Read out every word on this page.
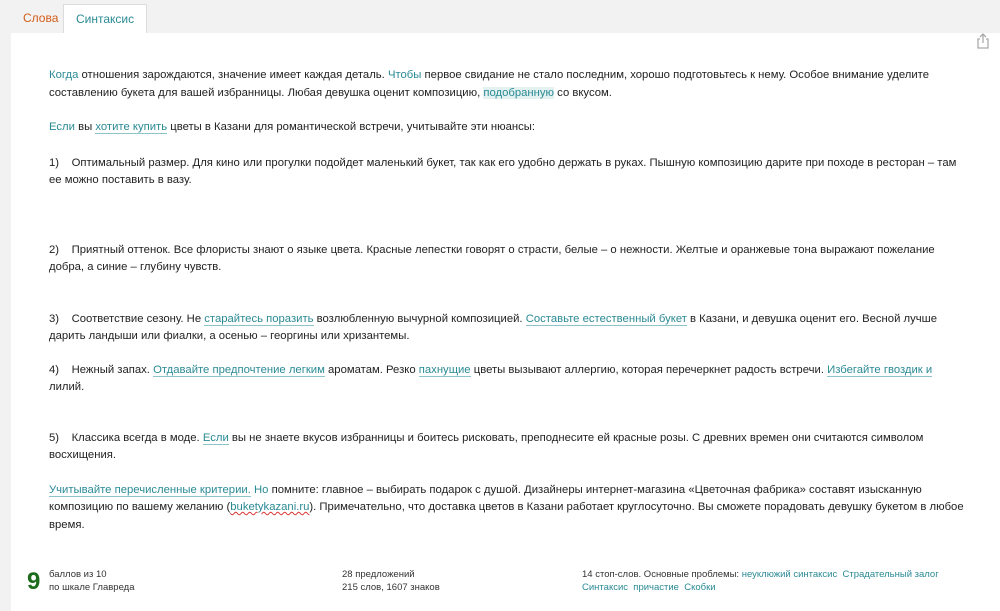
Слова	Синтаксис

Когда отношения зарождаются, значение имеет каждая деталь. Чтобы первое свидание не стало последним, хорошо подготовьтесь к нему. Особое внимание уделите составлению букета для вашей избранницы. Любая девушка оценит композицию, подобранную со вкусом.

Если вы хотите купить цветы в Казани для романтической встречи, учитывайте эти нюансы:

1)    Оптимальный размер. Для кино или прогулки подойдет маленький букет, так как его удобно держать в руках. Пышную композицию дарите при походе в ресторан – там ее можно поставить в вазу.

2)    Приятный оттенок. Все флористы знают о языке цвета. Красные лепестки говорят о страсти, белые – о нежности. Желтые и оранжевые тона выражают пожелание добра, а синие – глубину чувств.

3)    Соответствие сезону. Не старайтесь поразить возлюбленную вычурной композицией. Составьте естественный букет в Казани, и девушка оценит его. Весной лучше дарить ландыши или фиалки, а осенью – георгины или хризантемы.

4)    Нежный запах. Отдавайте предпочтение легким ароматам. Резко пахнущие цветы вызывают аллергию, которая перечеркнет радость встречи. Избегайте гвоздик и лилий.

5)    Классика всегда в моде. Если вы не знаете вкусов избранницы и боитесь рисковать, преподнесите ей красные розы. С древних времен они считаются символом восхищения.

Учитывайте перечисленные критерии. Но помните: главное – выбирать подарок с душой. Дизайнеры интернет-магазина «Цветочная фабрика» составят изысканную композицию по вашему желанию (buketykazani.ru). Примечательно, что доставка цветов в Казани работает круглосуточно. Вы сможете порадовать девушку букетом в любое время.

9 баллов из 10
по шкале Главреда
28 предложений
215 слов, 1607 знаков
14 стоп-слов. Основные проблемы: неуклюжий синтаксис Страдательный залог
Синтаксис причастие Скобки
